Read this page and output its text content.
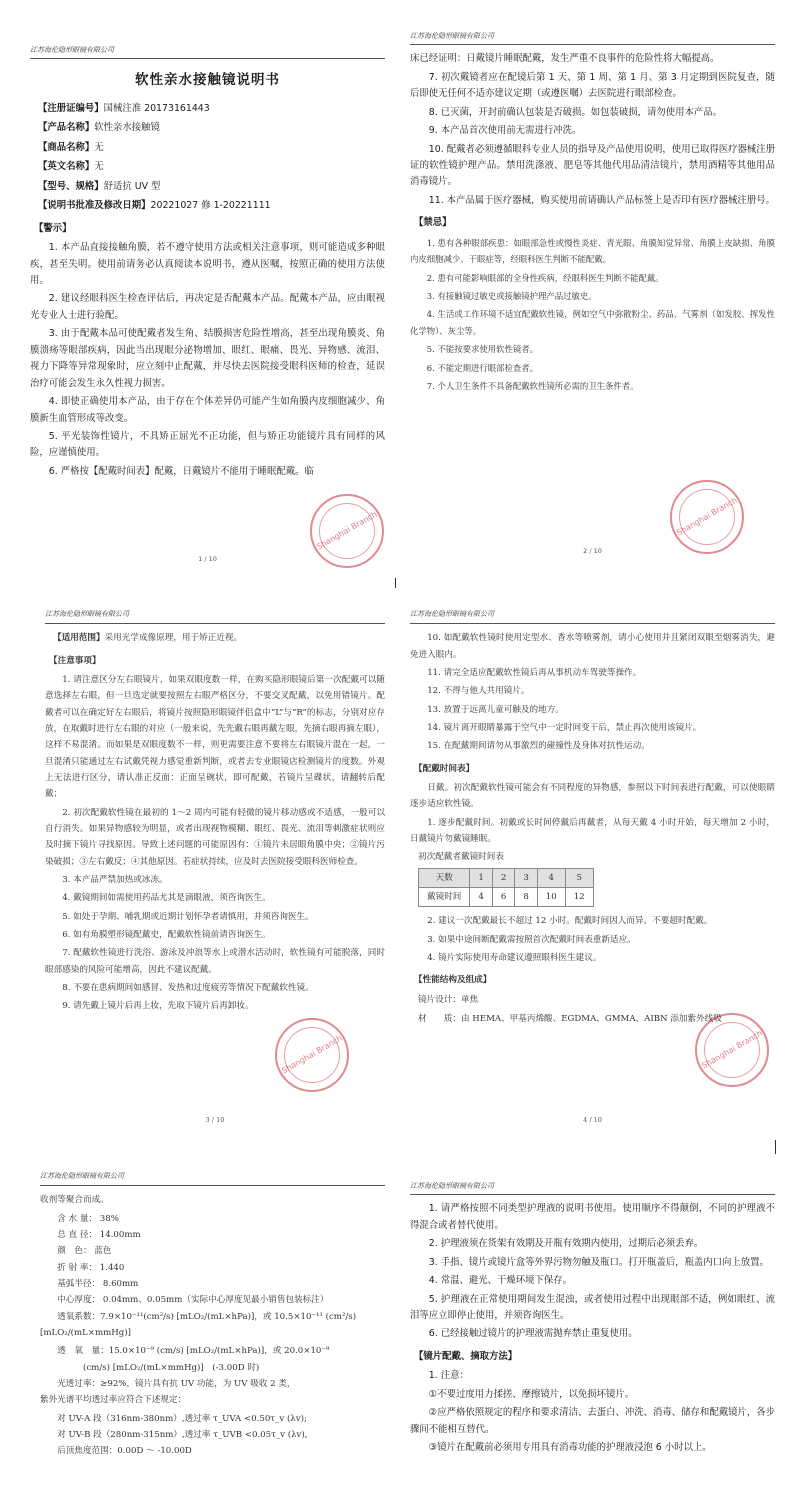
江苏海伦隐形眼镜有限公司
软性亲水接触镜说明书
【注册证编号】国械注准 20173161443
【产品名称】软性亲水接触镜
【商品名称】无
【英文名称】无
【型号、规格】舒适抗 UV 型
【说明书批准及修改日期】20221027 修 1-20221111
【警示】

1. 本产品直接接触角膜，若不遵守使用方法或相关注意事项，则可能造成多种眼疾，甚至失明。使用前请务必认真阅读本说明书，遵从医嘱，按照正确的使用方法使用。

2. 建议经眼科医生检查评估后，再决定是否配戴本产品。配戴本产品，应由眼视光专业人士进行验配。

3. 由于配戴本品可使配戴者发生角、结膜损害危险性增高，甚至出现角膜炎、角膜溃疡等眼部疾病，因此当出现眼分泌物增加、眼红、眼痛、畏光、异物感、流泪、视力下降等异常现象时，应立刻中止配戴，并尽快去医院接受眼科医师的检查，延误治疗可能会发生永久性视力损害。

4. 即使正确使用本产品，由于存在个体差异仍可能产生如角膜内皮细胞减少、角膜新生血管形成等改变。

5. 平光装饰性镜片，不具矫正屈光不正功能，但与矫正功能镜片具有同样的风险，应谨慎使用。

6. 严格按【配戴时间表】配戴，日戴镜片不能用于睡眠配戴。临

1 / 10
Shanghai Branch
江苏海伦隐形眼镜有限公司

床已经证明：日戴镜片睡眠配戴，发生严重不良事件的危险性将大幅提高。

7. 初次戴镜者应在配镜后第 1 天、第 1 周、第 1 月、第 3 月定期到医院复查，随后即使无任何不适亦建议定期（或遵医嘱）去医院进行眼部检查。

8. 已灭菌，开封前确认包装是否破损。如包装破损，请勿使用本产品。

9. 本产品首次使用前无需进行冲洗。

10. 配戴者必须遵循眼科专业人员的指导及产品使用说明，使用已取得医疗器械注册证的软性镜护理产品。禁用洗涤液、肥皂等其他代用品清洁镜片，禁用酒精等其他用品消毒镜片。

11. 本产品属于医疗器械，购买使用前请确认产品标签上是否印有医疗器械注册号。

【禁忌】

1. 患有各种眼部疾患：如眼部急性或慢性炎症、青光眼、角膜知觉异常、角膜上皮缺损、角膜内皮细胞减少、干眼症等，经眼科医生判断不能配戴。

2. 患有可能影响眼部的全身性疾病，经眼科医生判断不能配戴。

3. 有接触镜过敏史或接触镜护理产品过敏史。

4. 生活或工作环境不适宜配戴软性镜，例如空气中弥散粉尘、药品、气雾剂（如发胶、挥发性化学物）、灰尘等。

5. 不能按要求使用软性镜者。

6. 不能定期进行眼部检查者。

7. 个人卫生条件不具备配戴软性镜所必需的卫生条件者。

2 / 10
Shanghai Branch
江苏海伦隐形眼镜有限公司
【适用范围】采用光学成像原理，用于矫正近视。
【注意事项】

1. 请注意区分左右眼镜片，如果双眼度数一样，在购买隐形眼镜后第一次配戴可以随意选择左右眼，但一旦选定就要按照左右眼严格区分，不要交叉配戴，以免用错镜片。配戴者可以在确定好左右眼后，将镜片按照隐形眼镜伴侣盒中“L”与“R”的标志，分别对应存放，在取戴时进行左右眼的对应（一般来说，先先戴右眼再戴左眼，先摘右眼再摘左眼），这样不易混淆。而如果是双眼度数不一样，则更需要注意不要将左右眼镜片混在一起，一旦混淆只能通过左右试戴凭视力感觉重新判断，或者去专业眼镜店检测镜片的度数。外观上无法进行区分，请认准正反面：正面呈碗状，即可配戴，若镜片呈碟状，请翻转后配戴；

2. 初次配戴软性镜在最初的 1～2 周内可能有轻微的镜片移动感或不适感，一般可以自行消失。如果异物感较为明显，或者出现视物模糊、眼红、畏光、流泪等刺激症状则应及时摘下镜片寻找原因。导致上述问题的可能原因有：①镜片未居眼角膜中央；②镜片污染破损；③左右戴反；④其他原因。若症状持续，应及时去医院接受眼科医师检查。

3. 本产品严禁加热或冰冻。

4. 戴镜期间如需使用药品尤其是滴眼液，须咨询医生。

5. 如处于孕期、哺乳期或近期计划怀孕者请慎用，并须咨询医生。

6. 如有角膜塑形镜配戴史，配戴软性镜前请咨询医生。

7. 配戴软性镜进行洗浴、游泳及冲浪等水上或潜水活动时，软性镜有可能脱落，同时眼部感染的风险可能增高，因此不建议配戴。

8. 不要在患病期间如感冒、发热和过度疲劳等情况下配戴软性镜。

9. 请先戴上镜片后再上妆，先取下镜片后再卸妆。

3 / 10
Shanghai Branch
江苏海伦隐形眼镜有限公司

10. 如配戴软性镜时使用定型水、香水等喷雾剂，请小心使用并且紧闭双眼至烟雾消失，避免进入眼内。

11. 请完全适应配戴软性镜后再从事机动车驾驶等操作。

12. 不得与他人共用镜片。

13. 放置于远离儿童可触及的地方。

14. 镜片离开眼睛暴露于空气中一定时间变干后，禁止再次使用该镜片。

15. 在配戴期间请勿从事激烈的碰撞性及身体对抗性运动。

【配戴时间表】

日戴。初次配戴软性镜可能会有不同程度的异物感，参照以下时间表进行配戴，可以使眼睛逐步适应软性镜。

1. 逐步配戴时间。初戴或长时间停戴后再戴者，从每天戴 4 小时开始，每天增加 2 小时，日戴镜片勿戴镜睡眠。

初次配戴者戴镜时间表
天数	1	2	3	4	5
戴镜时间	4	6	8	10	12

2. 建议一次配戴最长不超过 12 小时。配戴时间因人而异，不要超时配戴。

3. 如果中途间断配戴需按照首次配戴时间表重新适应。

4. 镜片实际使用寿命建议遵照眼科医生建议。

【性能结构及组成】
镜片设计：单焦
材　　质：由 HEMA、甲基丙烯酸、EGDMA、GMMA、AIBN 添加紫外线吸
4 / 10
Shanghai Branch
江苏海伦隐形眼镜有限公司
收剂等聚合而成。
含 水 量： 38%
总 直 径： 14.00mm
颜　色： 蓝色
折 射 率： 1.440
基弧半径： 8.60mm
中心厚度： 0.04mm、0.05mm（实际中心厚度见最小销售包装标注）
透氧系数：7.9×10⁻¹¹(cm²/s) [mLO₂/(mL×hPa)]，或 10.5×10⁻¹¹ (cm²/s)
[mLO₂/(mL×mmHg)]
透　氧　量：15.0×10⁻⁹ (cm/s) [mLO₂/(mL×hPa)]，或 20.0×10⁻⁹
(cm/s) [mLO₂/(mL×mmHg)]　(-3.00D 时)
光透过率：≥92%，镜片具有抗 UV 功能，为 UV 吸收 2 类，
紫外光谱平均透过率应符合下述规定：
对 UV-A 段（316nm-380nm）,透过率 τ_UVA <0.50τ_v (λv);
对 UV-B 段（280nm-315nm）,透过率 τ_UVB <0.05τ_v (λv),
后顶焦度范围：0.00D ～ -10.00D
江苏海伦隐形眼镜有限公司

1. 请严格按照不同类型护理液的说明书使用。使用顺序不得颠倒，不同的护理液不得混合或者替代使用。

2. 护理液须在货架有效期及开瓶有效期内使用，过期后必须丢弃。

3. 手指、镜片或镜片盒等外界污物勿触及瓶口。打开瓶盖后，瓶盖内口向上放置。

4. 常温、避光、干燥环境下保存。

5. 护理液在正常使用期间发生混浊，或者使用过程中出现眼部不适，例如眼红、流泪等应立即停止使用，并须咨询医生。

6. 已经接触过镜片的护理液需抛弃禁止重复使用。

【镜片配戴、摘取方法】

1. 注意：

①不要过度用力揉搓、摩擦镜片，以免损坏镜片。

②应严格依照规定的程序和要求清洁、去蛋白、冲洗、消毒、储存和配戴镜片，各步骤间不能相互替代。

③镜片在配戴前必须用专用具有消毒功能的护理液浸泡 6 小时以上。
